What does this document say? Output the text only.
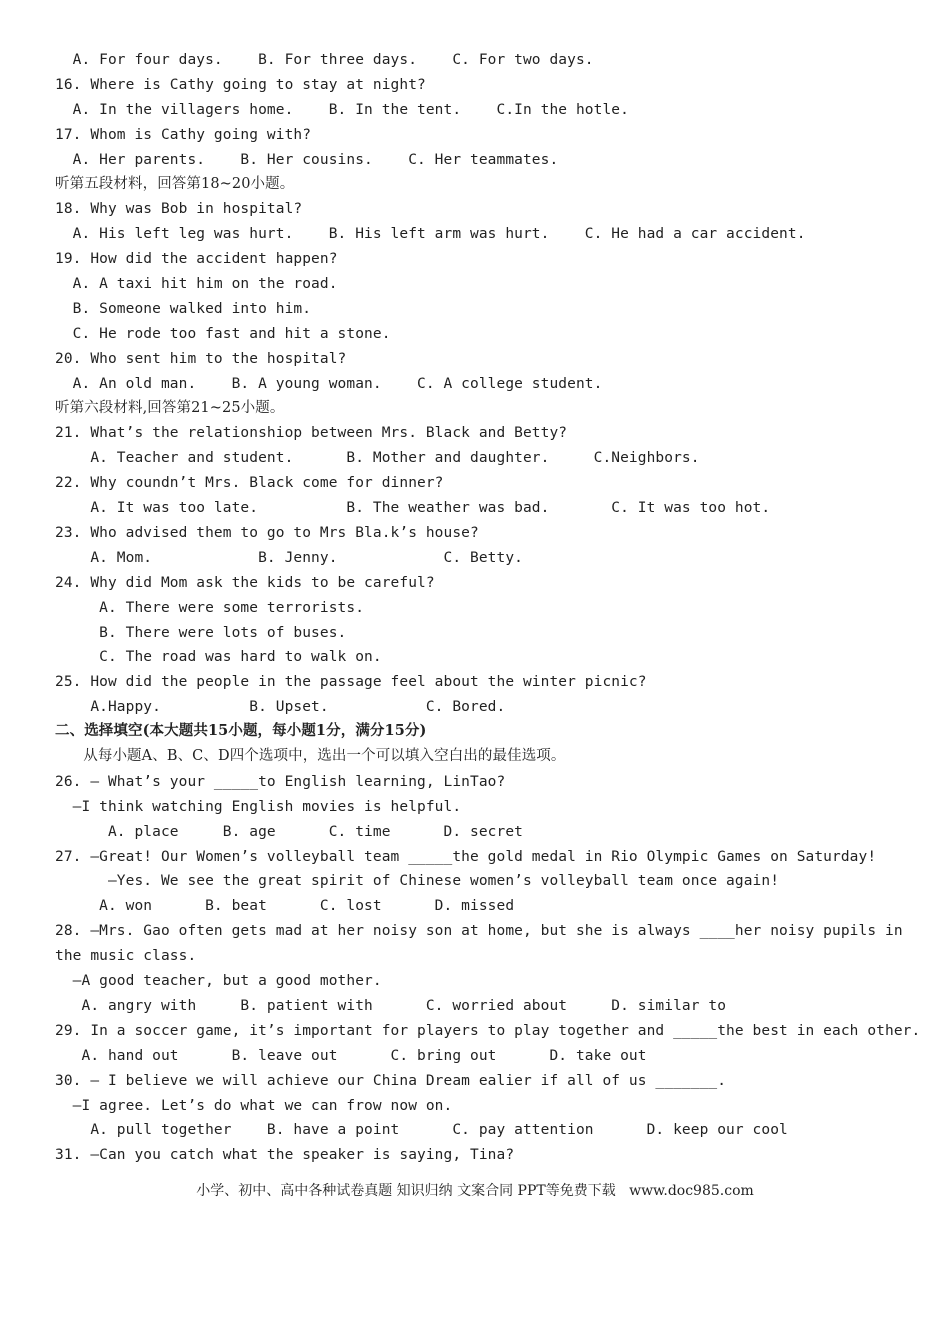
A. For four days.    B. For three days.    C. For two days.
16. Where is Cathy going to stay at night?
A. In the villagers home.    B. In the tent.    C.In the hotle.
17. Whom is Cathy going with?
A. Her parents.    B. Her cousins.    C. Her teammates.
听第五段材料，回答第18~20小题。
18. Why was Bob in hospital?
A. His left leg was hurt.    B. His left arm was hurt.    C. He had a car accident.
19. How did the accident happen?
A. A taxi hit him on the road.
B. Someone walked into him.
C. He rode too fast and hit a stone.
20. Who sent him to the hospital?
A. An old man.    B. A young woman.    C. A college student.
听第六段材料,回答第21~25小题。
21. What’s the relationshiop between Mrs. Black and Betty?
A. Teacher and student.      B. Mother and daughter.     C.Neighbors.
22. Why coundn’t Mrs. Black come for dinner?
A. It was too late.          B. The weather was bad.       C. It was too hot.
23. Who advised them to go to Mrs Bla.k’s house?
A. Mom.            B. Jenny.            C. Betty.
24. Why did Mom ask the kids to be careful?
A. There were some terrorists.
B. There were lots of buses.
C. The road was hard to walk on.
25. How did the people in the passage feel about the winter picnic?
A.Happy.          B. Upset.           C. Bored.
二、选择填空(本大题共15小题，每小题1分，满分15分)
从每小题A、B、C、D四个选项中，选出一个可以填入空白出的最佳选项。
26. — What’s your _____to English learning, LinTao?
—I think watching English movies is helpful.
A. place     B. age      C. time      D. secret
27. —Great! Our Women’s volleyball team _____the gold medal in Rio Olympic Games on Saturday!
—Yes. We see the great spirit of Chinese women’s volleyball team once again!
A. won      B. beat      C. lost      D. missed
28. —Mrs. Gao often gets mad at her noisy son at home, but she is always ____her noisy pupils in
the music class.
—A good teacher, but a good mother.
A. angry with     B. patient with      C. worried about     D. similar to
29. In a soccer game, it’s important for players to play together and _____the best in each other.
A. hand out      B. leave out      C. bring out      D. take out
30. — I believe we will achieve our China Dream ealier if all of us _______.
—I agree. Let’s do what we can frow now on.
A. pull together    B. have a point      C. pay attention      D. keep our cool
31. —Can you catch what the speaker is saying, Tina?
小学、初中、高中各种试卷真题 知识归纳 文案合同 PPT等免费下载   www.doc985.com
